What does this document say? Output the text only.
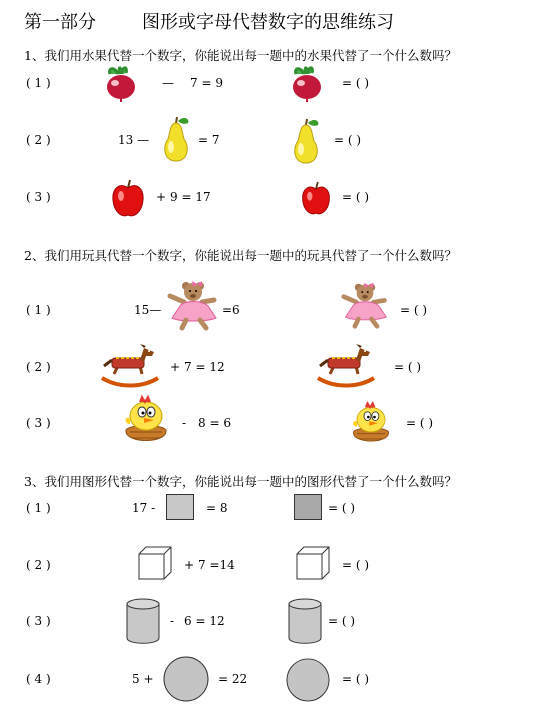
第一部分	图形或字母代替数字的思维练习
1、我们用水果代替一个数字，你能说出每一题中的水果代替了一个什么数吗？
( 1 )	— 7 = 9	= ( )
( 2 )	13 —	= 7	= ( )
( 3 )	+ 9 = 17	= ( )
2、我们用玩具代替一个数字，你能说出每一题中的玩具代替了一个什么数吗？
( 1 )	15—	=6	= ( )
( 2 )	+ 7 = 12	= ( )
( 3 )	- 8 = 6	= ( )
3、我们用图形代替一个数字，你能说出每一题中的图形代替了一个什么数吗？
( 1 )	17 -	= 8	= ( )
( 2 )	+ 7 =14	= ( )
( 3 )	- 6 = 12	= ( )
( 4 )	5 +	= 22	= ( )
